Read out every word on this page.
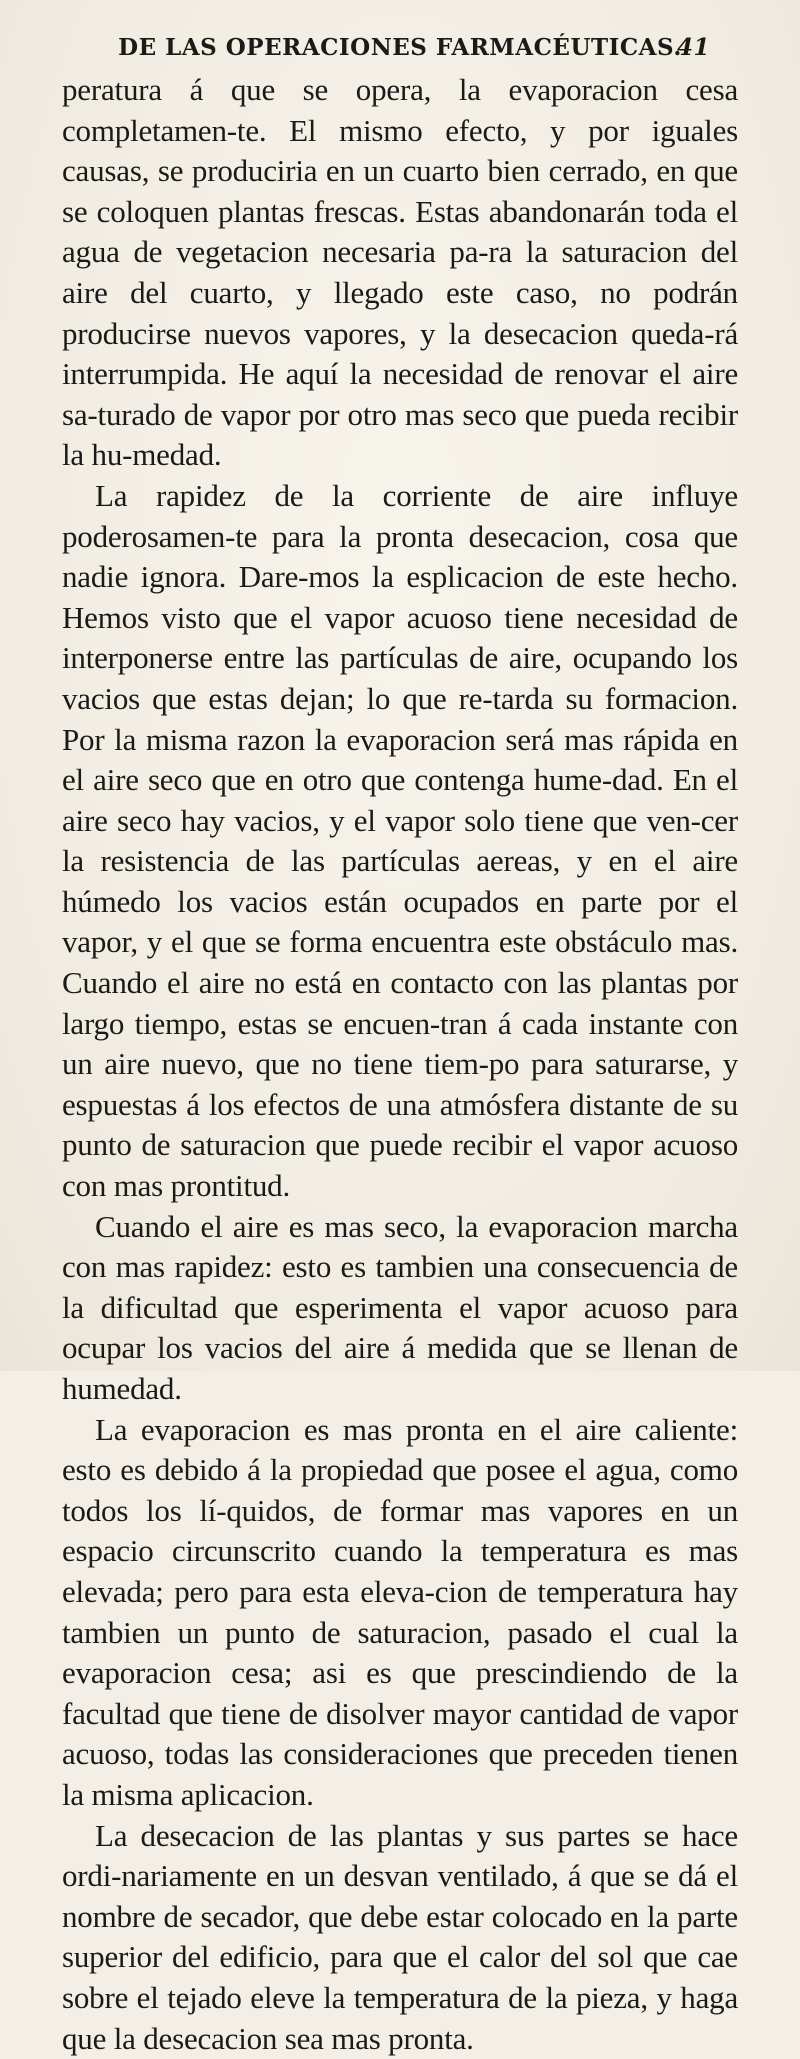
DE LAS OPERACIONES FARMACÉUTICAS.
41

peratura á que se opera, la evaporacion cesa completamen-te. El mismo efecto, y por iguales causas, se produciria en un cuarto bien cerrado, en que se coloquen plantas frescas. Estas abandonarán toda el agua de vegetacion necesaria pa-ra la saturacion del aire del cuarto, y llegado este caso, no podrán producirse nuevos vapores, y la desecacion queda-rá interrumpida. He aquí la necesidad de renovar el aire sa-turado de vapor por otro mas seco que pueda recibir la hu-medad.

La rapidez de la corriente de aire influye poderosamen-te para la pronta desecacion, cosa que nadie ignora. Dare-mos la esplicacion de este hecho. Hemos visto que el vapor acuoso tiene necesidad de interponerse entre las partículas de aire, ocupando los vacios que estas dejan; lo que re-tarda su formacion. Por la misma razon la evaporacion será mas rápida en el aire seco que en otro que contenga hume-dad. En el aire seco hay vacios, y el vapor solo tiene que ven-cer la resistencia de las partículas aereas, y en el aire húmedo los vacios están ocupados en parte por el vapor, y el que se forma encuentra este obstáculo mas. Cuando el aire no está en contacto con las plantas por largo tiempo, estas se encuen-tran á cada instante con un aire nuevo, que no tiene tiem-po para saturarse, y espuestas á los efectos de una atmósfera distante de su punto de saturacion que puede recibir el vapor acuoso con mas prontitud.

Cuando el aire es mas seco, la evaporacion marcha con mas rapidez: esto es tambien una consecuencia de la dificultad que esperimenta el vapor acuoso para ocupar los vacios del aire á medida que se llenan de humedad.

La evaporacion es mas pronta en el aire caliente: esto es debido á la propiedad que posee el agua, como todos los lí-quidos, de formar mas vapores en un espacio circunscrito cuando la temperatura es mas elevada; pero para esta eleva-cion de temperatura hay tambien un punto de saturacion, pasado el cual la evaporacion cesa; asi es que prescindiendo de la facultad que tiene de disolver mayor cantidad de vapor acuoso, todas las consideraciones que preceden tienen la misma aplicacion.

La desecacion de las plantas y sus partes se hace ordi-nariamente en un desvan ventilado, á que se dá el nombre de secador, que debe estar colocado en la parte superior del edificio, para que el calor del sol que cae sobre el tejado eleve la temperatura de la pieza, y haga que la desecacion sea mas pronta.
